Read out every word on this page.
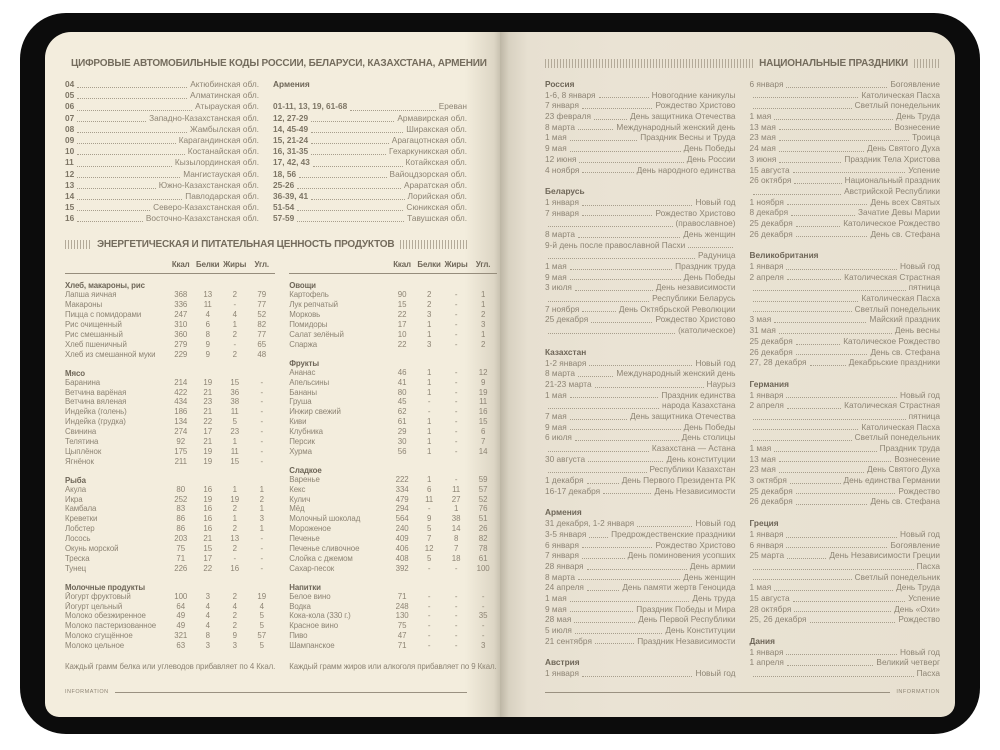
ЦИФРОВЫЕ АВТОМОБИЛЬНЫЕ КОДЫ РОССИИ, БЕЛАРУСИ, КАЗАХСТАНА, АРМЕНИИ
04	Актюбинская обл.
05	Алматинская обл.
06	Атырауская обл.
07	Западно-Казахстанская обл.
08	Жамбылская обл.
09	Карагандинская обл.
10	Костанайская обл.
11	Кызылординская обл.
12	Мангистауская обл.
13	Южно-Казахстанская обл.
14	Павлодарская обл.
15	Северо-Казахстанская обл.
16	Восточно-Казахстанская обл.
Армения
01-11, 13, 19, 61-68	Ереван
12, 27-29	Армавирская обл.
14, 45-49	Ширакская обл.
15, 21-24	Арагацотнская обл.
16, 31-35	Гехаркуникская обл.
17, 42, 43	Котайкская обл.
18, 56	Вайоцдзорская обл.
25-26	Араратская обл.
36-39, 41	Лорийская обл.
51-54	Сюникская обл.
57-59	Тавушская обл.
ЭНЕРГЕТИЧЕСКАЯ И ПИТАТЕЛЬНАЯ ЦЕННОСТЬ ПРОДУКТОВ
Ккал Белки Жиры	Угл.
Хлеб, макароны, рис
Лапша яичная	368	13	2	79
Макароны	336	11	-	77
Пицца с помидорами	247	4	4	52
Рис очищенный	310	6	1	82
Рис смешанный	360	8	2	77
Хлеб пшеничный	279	9	-	65
Хлеб из смешанной муки	229	9	2	48
Мясо
Баранина	214	19	15	-
Ветчина варёная	422	21	36	-
Ветчина вяленая	434	23	38	-
Индейка (голень)	186	21	11	-
Индейка (грудка)	134	22	5	-
Свинина	274	17	23	-
Телятина	92	21	1	-
Цыплёнок	175	19	11	-
Ягнёнок	211	19	15	-
Рыба
Акула	80	16	1	1
Икра	252	19	19	2
Камбала	83	16	2	1
Креветки	86	16	1	3
Лобстер	86	16	2	1
Лосось	203	21	13	-
Окунь морской	75	15	2	-
Треска	71	17	-	-
Тунец	226	22	16	-
Молочные продукты
Йогурт фруктовый	100	3	2	19
Йогурт цельный	64	4	4	4
Молоко обезжиренное	49	4	2	5
Молоко пастеризованное	49	4	2	5
Молоко сгущённое	321	8	9	57
Молоко цельное	63	3	3	5
Каждый грамм белка или углеводов прибавляет по 4 Ккал.
Ккал Белки Жиры	Угл.
Овощи
Картофель	90	2	-	1
Лук репчатый	15	2	-	1
Морковь	22	3	-	2
Помидоры	17	1	-	3
Салат зелёный	10	1	-	1
Спаржа	22	3	-	2
Фрукты
Ананас	46	1	-	12
Апельсины	41	1	-	9
Бананы	80	1	-	19
Груша	45	-	-	11
Инжир свежий	62	-	-	16
Киви	61	1	-	15
Клубника	29	1	-	6
Персик	30	1	-	7
Хурма	56	1	-	14
Сладкое
Варенье	222	1	-	59
Кекс	334	6	11	57
Кулич	479	11	27	52
Мёд	294	-	1	76
Молочный шоколад	564	9	38	51
Мороженое	240	5	14	26
Печенье	409	7	8	82
Печенье сливочное	406	12	7	78
Слойка с джемом	408	5	18	61
Сахар-песок	392	-	-	100
Напитки
Белое вино	71	-	-	-
Водка	248	-	-	-
Кока-кола (330 г.)	130	-	-	35
Красное вино	75	-	-	-
Пиво	47	-	-	-
Шампанское	71	-	-	3
Каждый грамм жиров или алкоголя прибавляет по 9 Ккал.
INFORMATION
НАЦИОНАЛЬНЫЕ ПРАЗДНИКИ
Россия
1-6, 8 января	Новогодние каникулы
7 января	Рождество Христово
23 февраля	День защитника Отечества
8 марта	Международный женский день
1 мая	Праздник Весны и Труда
9 мая	День Победы
12 июня	День России
4 ноября	День народного единства
Беларусь
1 января	Новый год
7 января	Рождество Христово
(православное)
8 марта	День женщин
9-й день после православной Пасхи
Радуница
1 мая	Праздник труда
9 мая	День Победы
3 июля	День независимости
Республики Беларусь
7 ноября	День Октябрьской Революции
25 декабря	Рождество Христово
(католическое)
Казахстан
1-2 января	Новый год
8 марта	Международный женский день
21-23 марта	Наурыз
1 мая	Праздник единства
народа Казахстана
7 мая	День защитника Отечества
9 мая	День Победы
6 июля	День столицы
Казахстана — Астана
30 августа	День конституции
Республики Казахстан
1 декабря	День Первого Президента РК
16-17 декабря	День Независимости
Армения
31 декабря, 1-2 января	Новый год
3-5 января	Предрождественские праздники
6 января	Рождество Христово
7 января	День поминовения усопших
28 января	День армии
8 марта	День женщин
24 апреля	День памяти жертв Геноцида
1 мая	День труда
9 мая	Праздник Победы и Мира
28 мая	День Первой Республики
5 июля	День Конституции
21 сентября	Праздник Независимости
Австрия
1 января	Новый год
6 января	Богоявление
Католическая Пасха
Светлый понедельник
1 мая	День Труда
13 мая	Вознесение
23 мая	Троица
24 мая	День Святого Духа
3 июня	Праздник Тела Христова
15 августа	Успение
26 октября	Национальный праздник
Австрийской Республики
1 ноября	День всех Святых
8 декабря	Зачатие Девы Марии
25 декабря	Католическое Рождество
26 декабря	День св. Стефана
Великобритания
1 января	Новый год
2 апреля	Католическая Страстная
пятница
Католическая Пасха
Светлый понедельник
3 мая	Майский праздник
31 мая	День весны
25 декабря	Католическое Рождество
26 декабря	День св. Стефана
27, 28 декабря	Декабрьские праздники
Германия
1 января	Новый год
2 апреля	Католическая Страстная
пятница
Католическая Пасха
Светлый понедельник
1 мая	Праздник труда
13 мая	Вознесение
23 мая	День Святого Духа
3 октября	День единства Германии
25 декабря	Рождество
26 декабря	День св. Стефана
Греция
1 января	Новый год
6 января	Богоявление
25 марта	День Независимости Греции
Пасха
Светлый понедельник
1 мая	День Труда
15 августа	Успение
28 октября	День «Охи»
25, 26 декабря	Рождество
Дания
1 января	Новый год
1 апреля	Великий четверг
Пасха
INFORMATION
